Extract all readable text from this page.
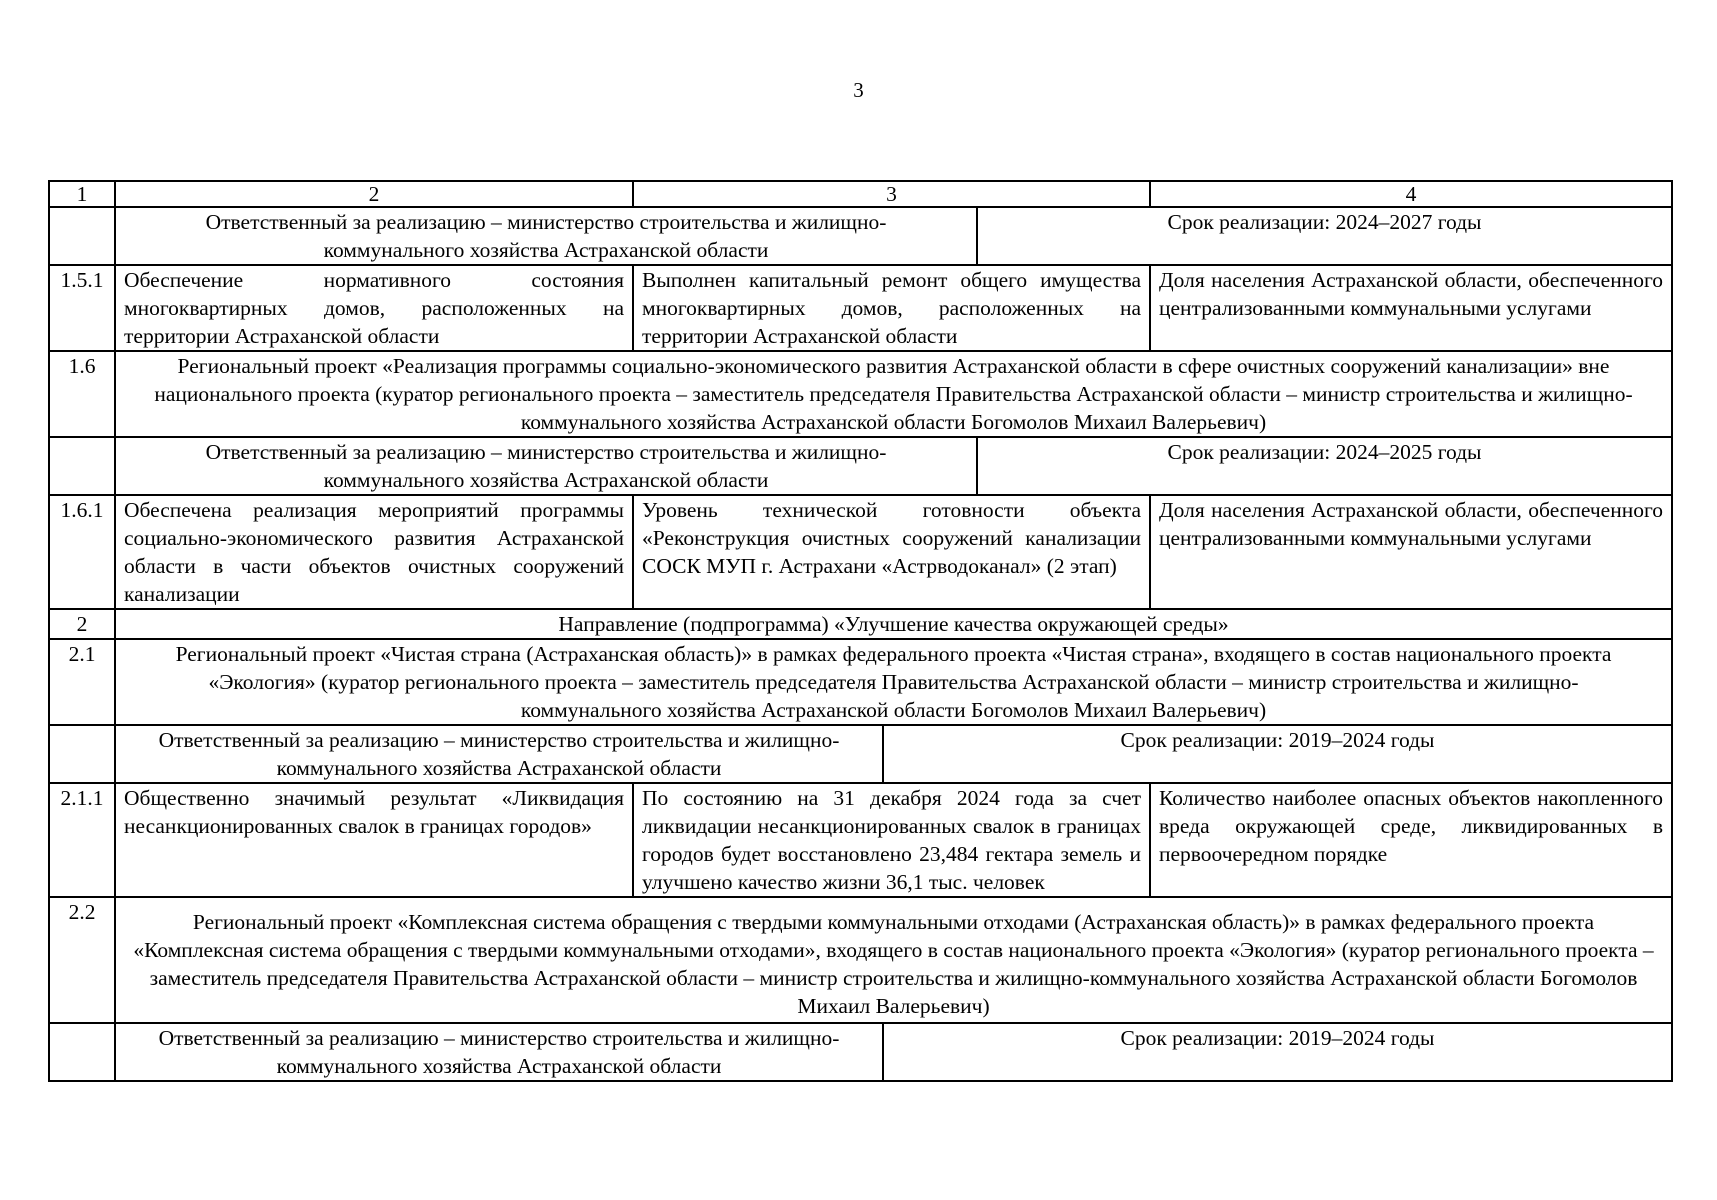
3
1	2	3	4

Ответственный за реализацию – министерство строительства и жилищно-коммунального хозяйства Астраханской области	Срок реализации: 2024–2027 годы

1.5.1	Обеспечение нормативного состояния многоквартирных домов, расположенных на территории Астраханской области	Выполнен капитальный ремонт общего имущества многоквартирных домов, расположенных на территории Астраханской области	Доля населения Астраханской области, обеспеченного централизованными коммунальными услугами
1.6	Региональный проект «Реализация программы социально-экономического развития Астраханской области в сфере очистных сооружений канализации» вне национального проекта (куратор регионального проекта – заместитель председателя Правительства Астраханской области – министр строительства и жилищно-коммунального хозяйства Астраханской области Богомолов Михаил Валерьевич)

Ответственный за реализацию – министерство строительства и жилищно-коммунального хозяйства Астраханской области	Срок реализации: 2024–2025 годы

1.6.1	Обеспечена реализация мероприятий программы социально-экономического развития Астраханской области в части объектов очистных сооружений канализации	Уровень технической готовности объекта «Реконструкция очистных сооружений канализации СОСК МУП г. Астрахани «Астрводоканал» (2 этап)	Доля населения Астраханской области, обеспеченного централизованными коммунальными услугами
2	Направление (подпрограмма) «Улучшение качества окружающей среды»
2.1	Региональный проект «Чистая страна (Астраханская область)» в рамках федерального проекта «Чистая страна», входящего в состав национального проекта «Экология» (куратор регионального проекта – заместитель председателя Правительства Астраханской области – министр строительства и жилищно-коммунального хозяйства Астраханской области Богомолов Михаил Валерьевич)

Ответственный за реализацию – министерство строительства и жилищно-коммунального хозяйства Астраханской области	Срок реализации: 2019–2024 годы

2.1.1	Общественно значимый результат «Ликвидация несанкционированных свалок в границах городов»	По состоянию на 31 декабря 2024 года за счет ликвидации несанкционированных свалок в границах городов будет восстановлено 23,484 гектара земель и улучшено качество жизни 36,1 тыс. человек	Количество наиболее опасных объектов накопленного вреда окружающей среде, ликвидированных в первоочередном порядке
2.2	Региональный проект «Комплексная система обращения с твердыми коммунальными отходами (Астраханская область)» в рамках федерального проекта «Комплексная система обращения с твердыми коммунальными отходами», входящего в состав национального проекта «Экология» (куратор регионального проекта – заместитель председателя Правительства Астраханской области – министр строительства и жилищно-коммунального хозяйства Астраханской области Богомолов Михаил Валерьевич)

Ответственный за реализацию – министерство строительства и жилищно-коммунального хозяйства Астраханской области	Срок реализации: 2019–2024 годы
